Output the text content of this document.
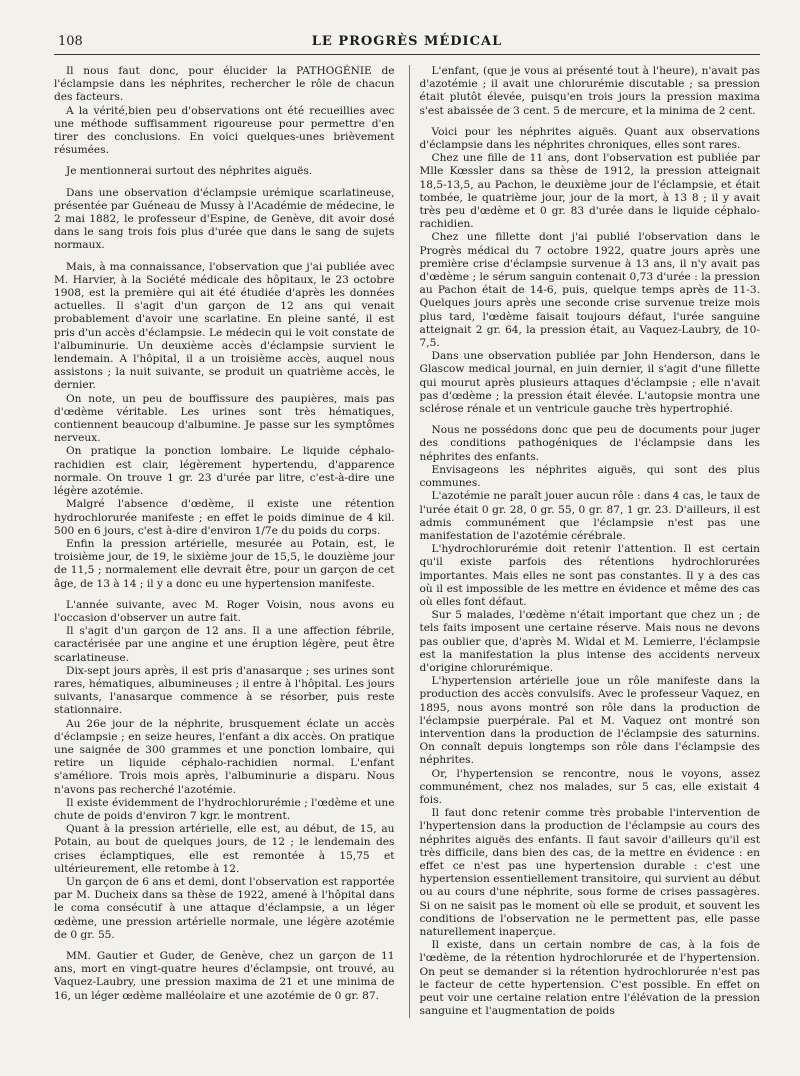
108	LE PROGRÈS MÉDICAL

Il nous faut donc, pour élucider la PATHOGÉNIE de l'éclampsie dans les néphrites, rechercher le rôle de chacun des facteurs.

A la vérité,bien peu d'observations ont été recueillies avec une méthode suffisamment rigoureuse pour permettre d'en tirer des conclusions. En voici quelques-unes brièvement résumées.

Je mentionnerai surtout des néphrites aiguës.

Dans une observation d'éclampsie urémique scarlatineuse, présentée par Guéneau de Mussy à l'Académie de médecine, le 2 mai 1882, le professeur d'Espine, de Genève, dit avoir dosé dans le sang trois fois plus d'urée que dans le sang de sujets normaux.

Mais, à ma connaissance, l'observation que j'ai publiée avec M. Harvier, à la Société médicale des hôpitaux, le 23 octobre 1908, est la première qui ait été étudiée d'après les données actuelles. Il s'agit d'un garçon de 12 ans qui venait probablement d'avoir une scarlatine. En pleine santé, il est pris d'un accès d'éclampsie. Le médecin qui le voit constate de l'albuminurie. Un deuxième accès d'éclampsie survient le lendemain. A l'hôpital, il a un troisième accès, auquel nous assistons ; la nuit suivante, se produit un quatrième accès, le dernier.

On note, un peu de bouffissure des paupières, mais pas d'œdème véritable. Les urines sont très hématiques, contiennent beaucoup d'albumine. Je passe sur les symptômes nerveux.

On pratique la ponction lombaire. Le liquide céphalo-rachidien est clair, légèrement hypertendu, d'apparence normale. On trouve 1 gr. 23 d'urée par litre, c'est-à-dire une légère azotémie.

Malgré l'absence d'œdème, il existe une rétention hydrochlorurée manifeste ; en effet le poids diminue de 4 kil. 500 en 6 jours, c'est à-dire d'environ 1/7e du poids du corps.

Enfin la pression artérielle, mesurée au Potain, est, le troisième jour, de 19, le sixième jour de 15,5, le douzième jour de 11,5 ; normalement elle devrait être, pour un garçon de cet âge, de 13 à 14 ; il y a donc eu une hypertension manifeste.

L'année suivante, avec M. Roger Voisin, nous avons eu l'occasion d'observer un autre fait.

Il s'agit d'un garçon de 12 ans. Il a une affection fébrile, caractérisée par une angine et une éruption légère, peut être scarlatineuse.

Dix-sept jours après, il est pris d'anasarque ; ses urines sont rares, hématiques, albumineuses ; il entre à l'hôpital. Les jours suivants, l'anasarque commence à se résorber, puis reste stationnaire.

Au 26e jour de la néphrite, brusquement éclate un accès d'éclampsie ; en seize heures, l'enfant a dix accès. On pratique une saignée de 300 grammes et une ponction lombaire, qui retire un liquide céphalo-rachidien normal. L'enfant s'améliore. Trois mois après, l'albuminurie a disparu. Nous n'avons pas recherché l'azotémie.

Il existe évidemment de l'hydrochlorurémie ; l'œdème et une chute de poids d'environ 7 kgr. le montrent.

Quant à la pression artérielle, elle est, au début, de 15, au Potain, au bout de quelques jours, de 12 ; le lendemain des crises éclamptiques, elle est remontée à 15,75 et ultérieurement, elle retombe à 12.

Un garçon de 6 ans et demi, dont l'observation est rapportée par M. Ducheix dans sa thèse de 1922, amené à l'hôpital dans le coma consécutif à une attaque d'éclampsie, a un léger œdème, une pression artérielle normale, une légère azotémie de 0 gr. 55.

MM. Gautier et Guder, de Genève, chez un garçon de 11 ans, mort en vingt-quatre heures d'éclampsie, ont trouvé, au Vaquez-Laubry, une pression maxima de 21 et une minima de 16, un léger œdème malléolaire et une azotémie de 0 gr. 87.

L'enfant, (que je vous ai présenté tout à l'heure), n'avait pas d'azotémie ; il avait une chlorurémie discutable ; sa pression était plutôt élevée, puisqu'en trois jours la pression maxima s'est abaissée de 3 cent. 5 de mercure, et la minima de 2 cent.

Voici pour les néphrites aiguës. Quant aux observations d'éclampsie dans les néphrites chroniques, elles sont rares.

Chez une fille de 11 ans, dont l'observation est publiée par Mlle Kœssler dans sa thèse de 1912, la pression atteignait 18,5-13,5, au Pachon, le deuxième jour de l'éclampsie, et était tombée, le quatrième jour, jour de la mort, à 13 8 ; il y avait très peu d'œdème et 0 gr. 83 d'urée dans le liquide céphalo-rachidien.

Chez une fillette dont j'ai publié l'observation dans le Progrès médical du 7 octobre 1922, quatre jours après une première crise d'éclampsie survenue à 13 ans, il n'y avait pas d'œdème ; le sérum sanguin contenait 0,73 d'urée : la pression au Pachon était de 14-6, puis, quelque temps après de 11-3. Quelques jours après une seconde crise survenue treize mois plus tard, l'œdème faisait toujours défaut, l'urée sanguine atteignait 2 gr. 64, la pression était, au Vaquez-Laubry, de 10-7,5.

Dans une observation publiée par John Henderson, dans le Glascow medical journal, en juin dernier, il s'agit d'une fillette qui mourut après plusieurs attaques d'éclampsie ; elle n'avait pas d'œdème ; la pression était élevée. L'autopsie montra une sclérose rénale et un ventricule gauche très hypertrophié.

Nous ne possédons donc que peu de documents pour juger des conditions pathogéniques de l'éclampsie dans les néphrites des enfants.

Envisageons les néphrites aiguës, qui sont des plus communes.

L'azotémie ne paraît jouer aucun rôle : dans 4 cas, le taux de l'urée était 0 gr. 28, 0 gr. 55, 0 gr. 87, 1 gr. 23. D'ailleurs, il est admis communément que l'éclampsie n'est pas une manifestation de l'azotémie cérébrale.

L'hydrochlorurémie doit retenir l'attention. Il est certain qu'il existe parfois des rétentions hydrochlorurées importantes. Mais elles ne sont pas constantes. Il y a des cas où il est impossible de les mettre en évidence et même des cas où elles font défaut.

Sur 5 malades, l'œdème n'était important que chez un ; de tels faits imposent une certaine réserve. Mais nous ne devons pas oublier que, d'après M. Widal et M. Lemierre, l'éclampsie est la manifestation la plus intense des accidents nerveux d'origine chlorurémique.

L'hypertension artérielle joue un rôle manifeste dans la production des accès convulsifs. Avec le professeur Vaquez, en 1895, nous avons montré son rôle dans la production de l'éclampsie puerpérale. Pal et M. Vaquez ont montré son intervention dans la production de l'éclampsie des saturnins. On connaît depuis longtemps son rôle dans l'éclampsie des néphrites.

Or, l'hypertension se rencontre, nous le voyons, assez communément, chez nos malades, sur 5 cas, elle existait 4 fois.

Il faut donc retenir comme très probable l'intervention de l'hypertension dans la production de l'éclampsie au cours des néphrites aiguës des enfants. Il faut savoir d'ailleurs qu'il est très difficile, dans bien des cas, de la mettre en évidence : en effet ce n'est pas une hypertension durable : c'est une hypertension essentiellement transitoire, qui survient au début ou au cours d'une néphrite, sous forme de crises passagères. Si on ne saisit pas le moment où elle se produit, et souvent les conditions de l'observation ne le permettent pas, elle passe naturellement inaperçue.

Il existe, dans un certain nombre de cas, à la fois de l'œdème, de la rétention hydrochlorurée et de l'hypertension. On peut se demander si la rétention hydrochlorurée n'est pas le facteur de cette hypertension. C'est possible. En effet on peut voir une certaine relation entre l'élévation de la pression sanguine et l'augmentation de poids
